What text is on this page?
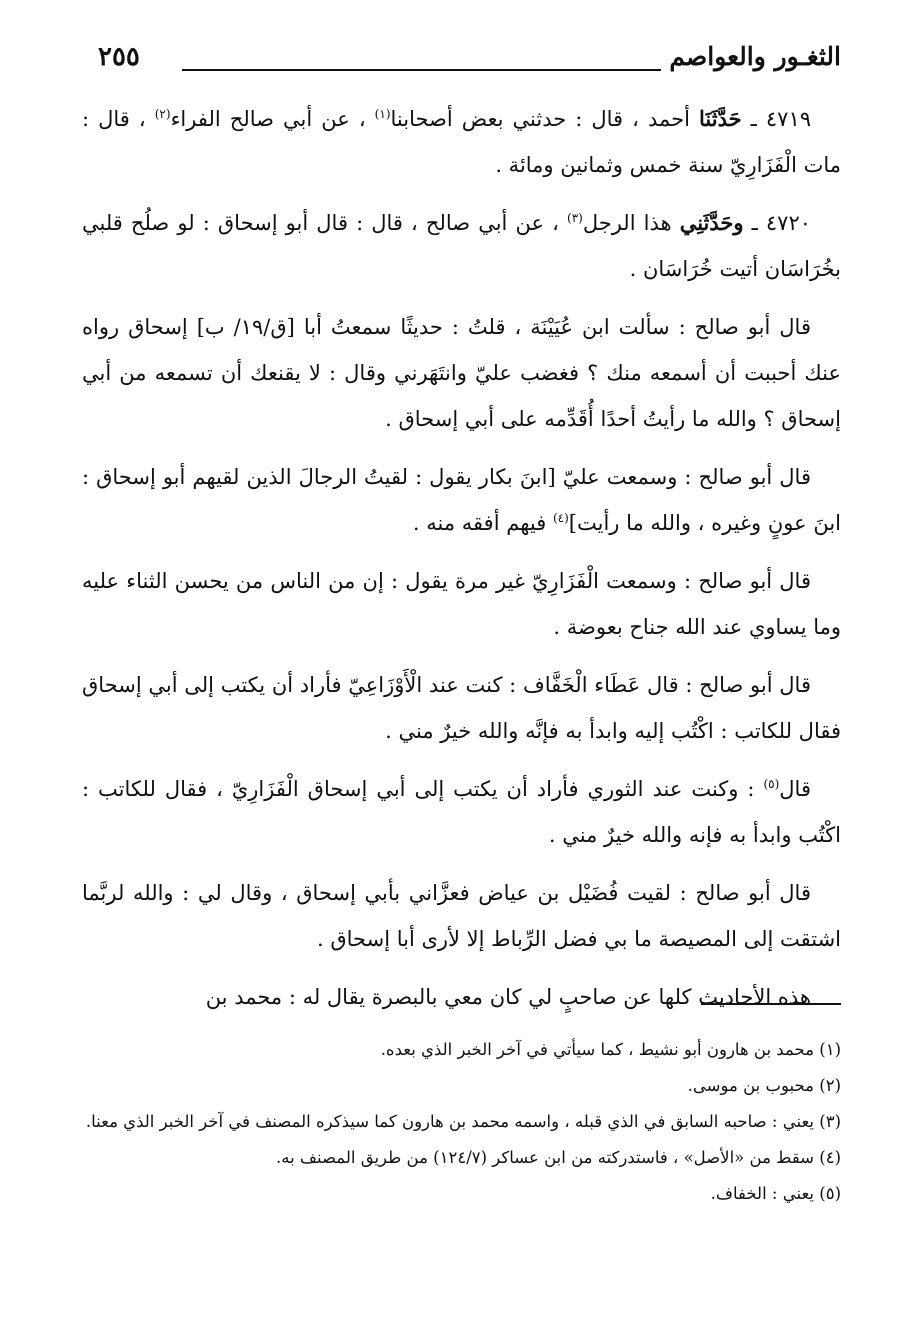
٢٥٥	الثغـور والعواصم

٤٧١٩ ـ حَدَّثَنَا أحمد ، قال : حدثني بعض أصحابنا$^{(١)}$ ، عن أبي صالح الفراء$^{(٢)}$ ، قال : مات الْفَزَارِيّ سنة خمس وثمانين ومائة .

٤٧٢٠ ـ وحَدَّثَنِي هذا الرجل$^{(٣)}$ ، عن أبي صالح ، قال : قال أبو إسحاق : لو صلُح قلبي بخُرَاسَان أتيت خُرَاسَان .

قال أبو صالح : سألت ابن عُيَيْنَة ، قلتُ : حديثًا سمعتُ أبا [ق/١٩/ ب] إسحاق رواه عنك أحببت أن أسمعه منك ؟ فغضب عليّ وانتَهَرني وقال : لا يقنعك أن تسمعه من أبي إسحاق ؟ والله ما رأيتُ أحدًا أُقَدِّمه على أبي إسحاق .

قال أبو صالح : وسمعت عليّ [ابنَ بكار يقول : لقيتُ الرجالَ الذين لقيهم أبو إسحاق : ابنَ عونٍ وغيره ، والله ما رأيت]$^{(٤)}$ فيهم أفقه منه .

قال أبو صالح : وسمعت الْفَزَارِيّ غير مرة يقول : إن من الناس من يحسن الثناء عليه وما يساوي عند الله جناح بعوضة .

قال أبو صالح : قال عَطَاء الْخَفَّاف : كنت عند الْأَوْزَاعِيّ فأراد أن يكتب إلى أبي إسحاق فقال للكاتب : اكْتُب إليه وابدأ به فإنَّه والله خيرٌ مني .

قال$^{(٥)}$ : وكنت عند الثوري فأراد أن يكتب إلى أبي إسحاق الْفَزَارِيّ ، فقال للكاتب : اكْتُب وابدأ به فإنه والله خيرٌ مني .

قال أبو صالح : لقيت فُضَيْل بن عياض فعزَّاني بأبي إسحاق ، وقال لي : والله لربَّما اشتقت إلى المصيصة ما بي فضل الرِّباط إلا لأرى أبا إسحاق .

هذه الأحاديث كلها عن صاحبٍ لي كان معي بالبصرة يقال له : محمد بن

(١) محمد بن هارون أبو نشيط ، كما سيأتي في آخر الخبر الذي بعده.

(٢) محبوب بن موسى.

(٣) يعني : صاحبه السابق في الذي قبله ، واسمه محمد بن هارون كما سيذكره المصنف في آخر الخبر الذي معنا.

(٤) سقط من «الأصل» ، فاستدركته من ابن عساكر (١٢٤/٧) من طريق المصنف به.

(٥) يعني : الخفاف.
